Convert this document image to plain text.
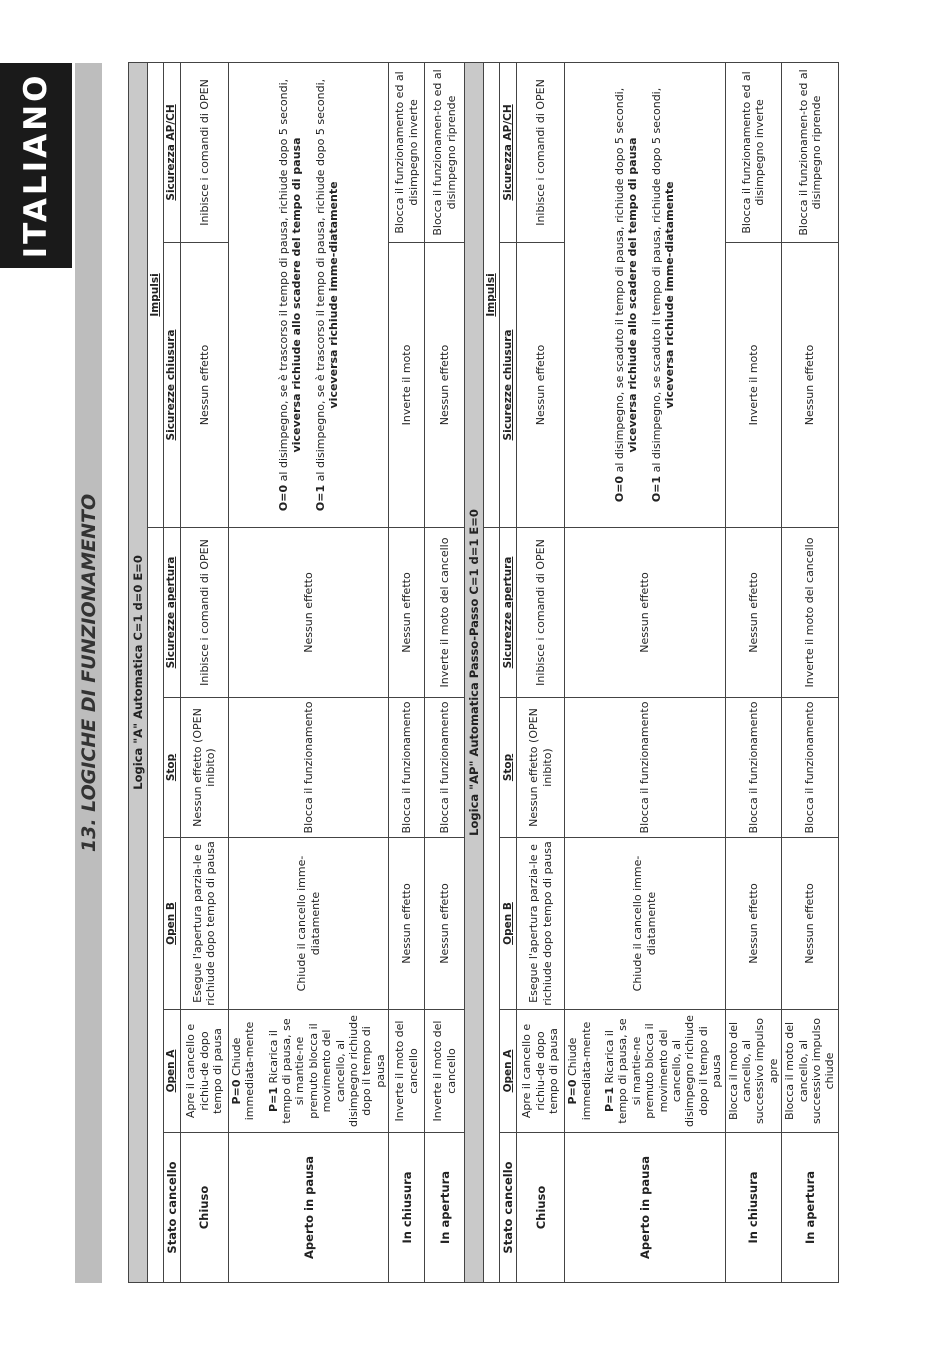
ITALIANO
13. LOGICHE DI FUNZIONAMENTO	Logica "A" Automatica C=1 d=0 E=0						
					Impulsi	
Stato cancello	Open A	Open B	Stop	Sicurezze apertura	Sicurezze chiusura	Sicurezza AP/CH
Chiuso	Apre il cancello e richiu-de dopo tempo di pausa	Esegue l'apertura parzia-le e richiude dopo tempo di pausa	Nessun effetto (OPEN inibito)	Inibisce i comandi di OPEN	Nessun effetto	Inibisce i comandi di OPEN
Aperto in pausa	P=0 Chiude immediata-mente P=1 Ricarica il tempo di pausa, se si mantie-ne premuto blocca il movimento del cancello, al disimpegno richiude dopo il tempo di pausa	Chiude il cancello imme-diatamente	Blocca il funzionamento	Nessun effetto	O=0 al disimpegno, se è trascorso il tempo di pausa, richiude dopo 5 secondi, viceversa richiude allo scadere del tempo di pausa
O=1 al disimpegno, se è trascorso il tempo di pausa, richiude dopo 5 secondi, viceversa richiude imme-diatamente	
In chiusura	Inverte il moto del cancello	Nessun effetto	Blocca il funzionamento	Nessun effetto	Inverte il moto	Blocca il funzionamento ed al disimpegno inverte
In apertura	Inverte il moto del cancello	Nessun effetto	Blocca il funzionamento	Inverte il moto del cancello	Nessun effetto	Blocca il funzionamen-to ed al disimpegno riprende
Logica "AP" Automatica Passo-Passo C=1 d=1 E=0						
					Impulsi	
Stato cancello	Open A	Open B	Stop	Sicurezze apertura	Sicurezze chiusura	Sicurezza AP/CH
Chiuso	Apre il cancello e richiu-de dopo tempo di pausa	Esegue l'apertura parzia-le e richiude dopo tempo di pausa	Nessun effetto (OPEN inibito)	Inibisce i comandi di OPEN	Nessun effetto	Inibisce i comandi di OPEN
Aperto in pausa	P=0 Chiude immediata-mente P=1 Ricarica il tempo di pausa, se si mantie-ne premuto blocca il movimento del cancello, al disimpegno richiude dopo il tempo di pausa	Chiude il cancello imme-diatamente	Blocca il funzionamento	Nessun effetto	O=0 al disimpegno, se scaduto il tempo di pausa, richiude dopo 5 secondi, viceversa richiude allo scadere del tempo di pausa
O=1 al disimpegno, se scaduto il tempo di pausa, richiude dopo 5 secondi, viceversa richiude imme-diatamente	
In chiusura	Blocca il moto del cancello, al successivo impulso apre	Nessun effetto	Blocca il funzionamento	Nessun effetto	Inverte il moto	Blocca il funzionamento ed al disimpegno inverte
In apertura	Blocca il moto del cancello, al successivo impulso chiude	Nessun effetto	Blocca il funzionamento	Inverte il moto del cancello	Nessun effetto	Blocca il funzionamen-to ed al disimpegno riprende
